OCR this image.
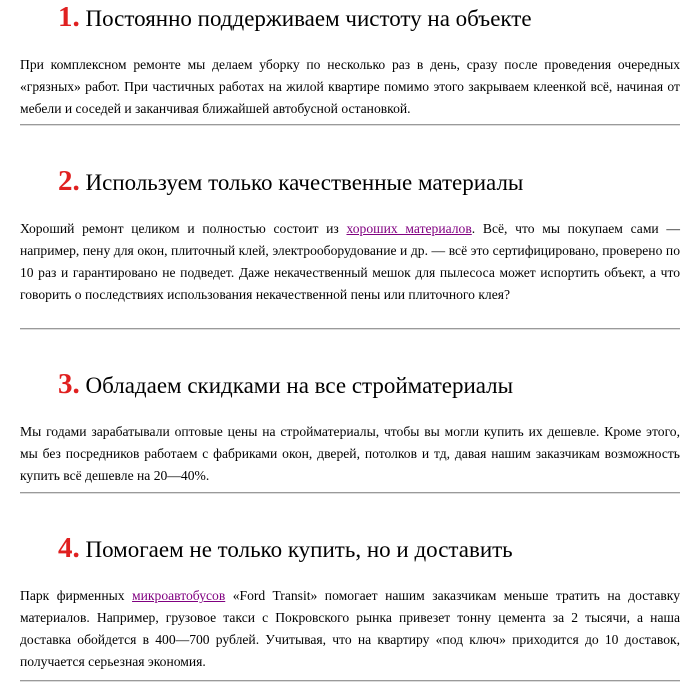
1. Постоянно поддерживаем чистоту на объекте

При комплексном ремонте мы делаем уборку по несколько раз в день, сразу после проведения очередных «грязных» работ. При частичных работах на жилой квартире помимо этого закрываем клеенкой всё, начиная от мебели и соседей и заканчивая ближайшей автобусной остановкой.

2. Используем только качественные материалы

Хороший ремонт целиком и полностью состоит из хороших материалов. Всё, что мы покупаем сами — например, пену для окон, плиточный клей, электрооборудование и др. — всё это сертифицировано, проверено по 10 раз и гарантировано не подведет. Даже некачественный мешок для пылесоса может испортить объект, а что говорить о последствиях использования некачественной пены или плиточного клея?

3. Обладаем скидками на все стройматериалы

Мы годами зарабатывали оптовые цены на стройматериалы, чтобы вы могли купить их дешевле. Кроме этого, мы без посредников работаем с фабриками окон, дверей, потолков и тд, давая нашим заказчикам возможность купить всё дешевле на 20—40%.

4. Помогаем не только купить, но и доставить

Парк фирменных микроавтобусов «Ford Transit» помогает нашим заказчикам меньше тратить на доставку материалов. Например, грузовое такси с Покровского рынка привезет тонну цемента за 2 тысячи, а наша доставка обойдется в 400—700 рублей. Учитывая, что на квартиру «под ключ» приходится до 10 доставок, получается серьезная экономия.
